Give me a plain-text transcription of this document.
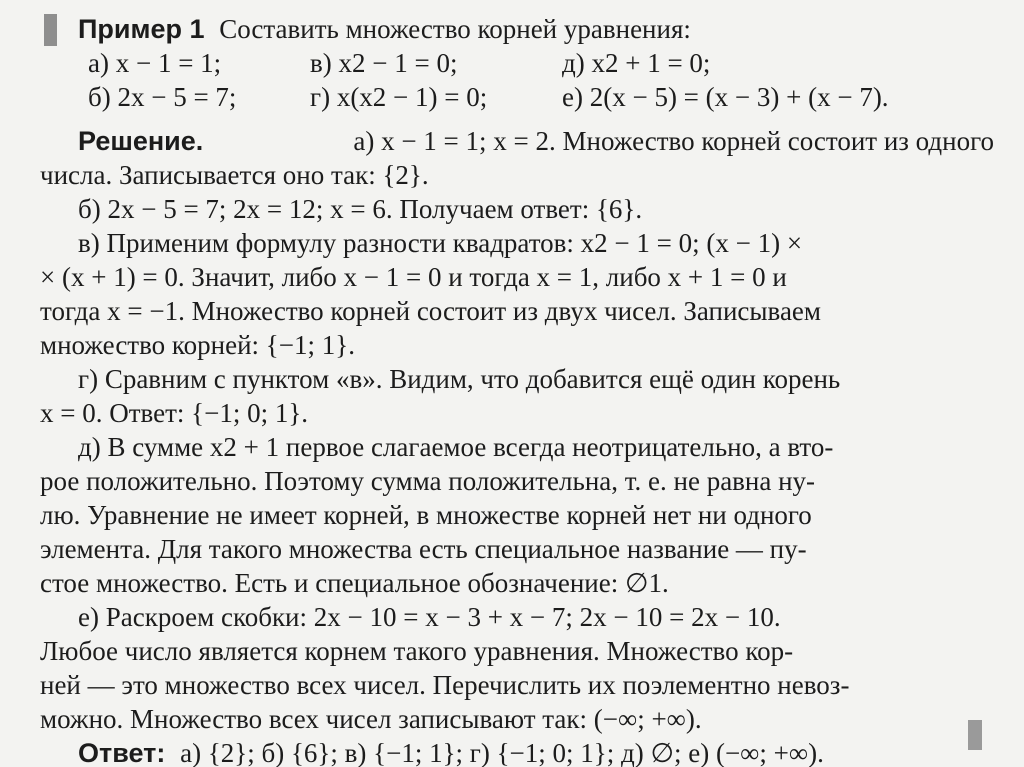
Пример 1 Составить множество корней уравнения:
а) x − 1 = 1;	в) x2 − 1 = 0;	д) x2 + 1 = 0;
б) 2x − 5 = 7;	г) x(x2 − 1) = 0;	е) 2(x − 5) = (x − 3) + (x − 7).
Решение.	а) x − 1 = 1; x = 2. Множество корней состоит из одного
числа. Записывается оно так: {2}.
б) 2x − 5 = 7; 2x = 12; x = 6. Получаем ответ: {6}.
в) Применим формулу разности квадратов: x2 − 1 = 0; (x − 1) ×
× (x + 1) = 0. Значит, либо x − 1 = 0 и тогда x = 1, либо x + 1 = 0 и
тогда x = −1. Множество корней состоит из двух чисел. Записываем
множество корней: {−1; 1}.
г) Сравним с пунктом «в». Видим, что добавится ещё один корень
x = 0. Ответ: {−1; 0; 1}.
д) В сумме x2 + 1 первое слагаемое всегда неотрицательно, а вто-
рое положительно. Поэтому сумма положительна, т. е. не равна ну-
лю. Уравнение не имеет корней, в множестве корней нет ни одного
элемента. Для такого множества есть специальное название — пу-
стое множество. Есть и специальное обозначение: ∅1.
е) Раскроем скобки: 2x − 10 = x − 3 + x − 7; 2x − 10 = 2x − 10.
Любое число является корнем такого уравнения. Множество кор-
ней — это множество всех чисел. Перечислить их поэлементно невоз-
можно. Множество всех чисел записывают так: (−∞; +∞).
Ответ: а) {2}; б) {6}; в) {−1; 1}; г) {−1; 0; 1}; д) ∅; е) (−∞; +∞).
